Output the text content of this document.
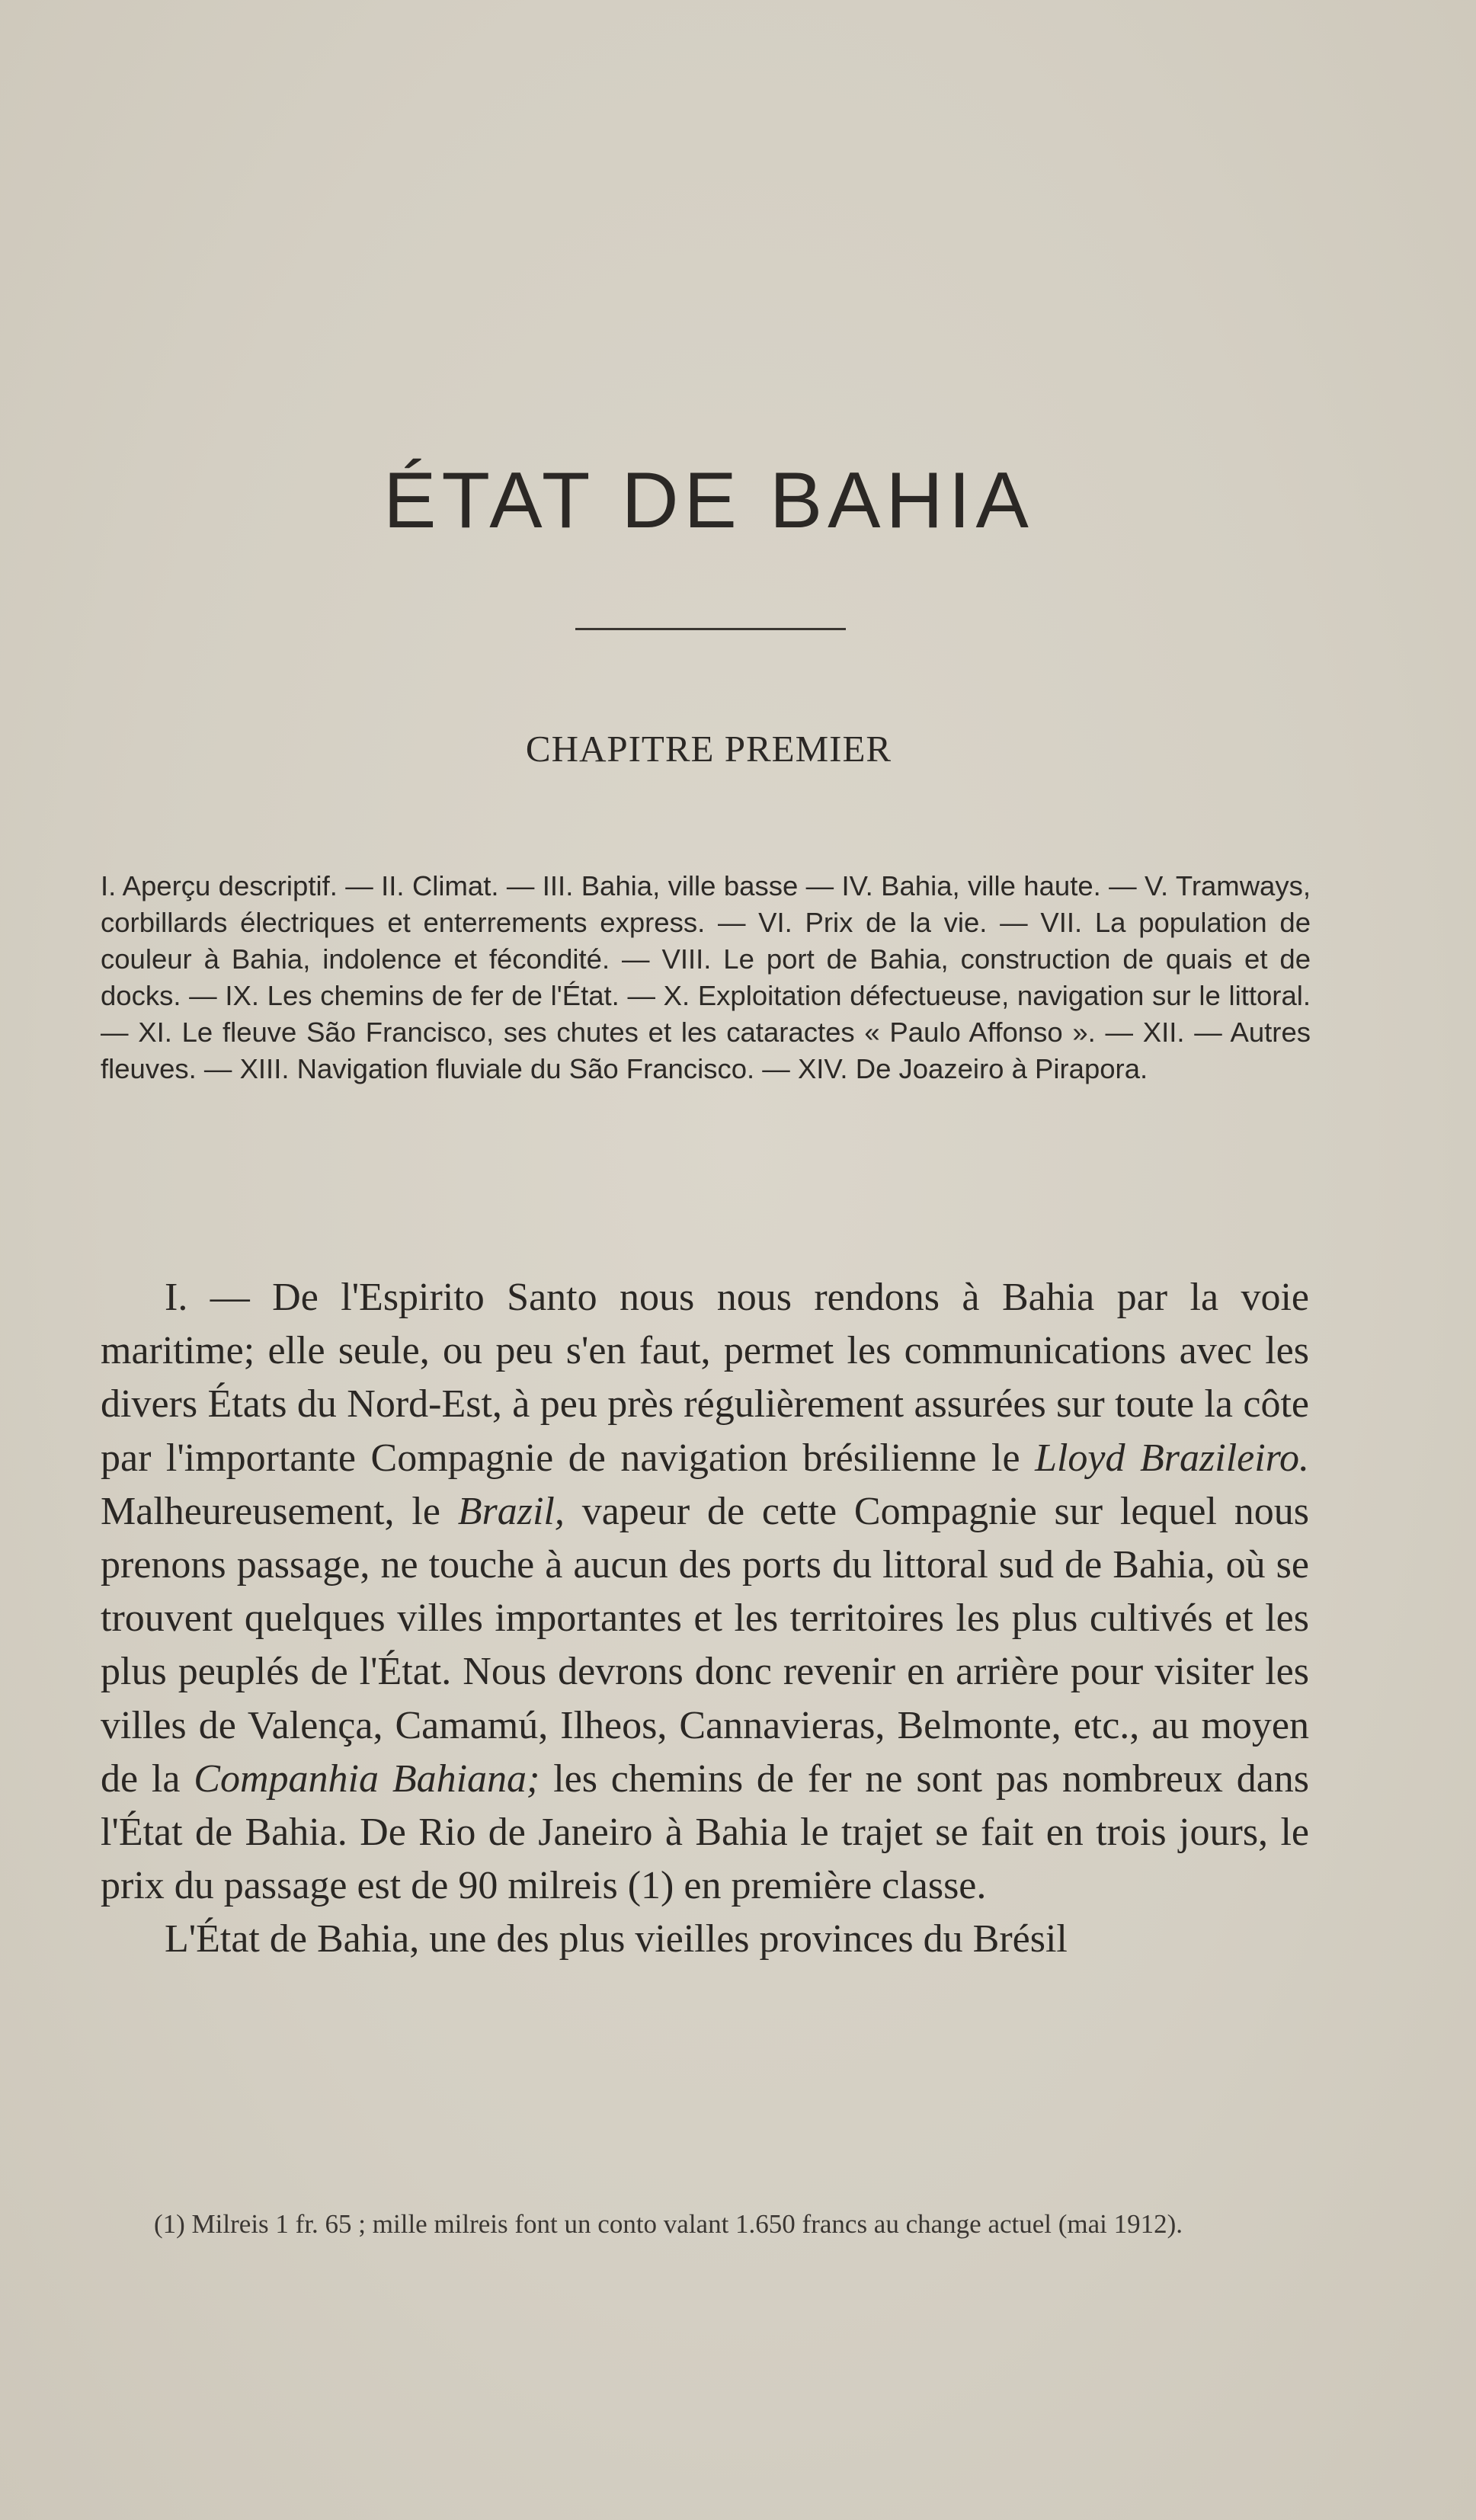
ÉTAT DE BAHIA
CHAPITRE PREMIER
I. Aperçu descriptif. — II. Climat. — III. Bahia, ville basse — IV. Bahia, ville haute. — V. Tramways, corbillards électriques et enterrements express. — VI. Prix de la vie. — VII. La population de couleur à Bahia, indolence et fécondité. — VIII. Le port de Bahia, construction de quais et de docks. — IX. Les chemins de fer de l'État. — X. Exploitation défectueuse, navigation sur le littoral. — XI. Le fleuve São Francisco, ses chutes et les cataractes « Paulo Affonso ». — XII. — Autres fleuves. — XIII. Navigation fluviale du São Francisco. — XIV. De Joazeiro à Pirapora.

I. — De l'Espirito Santo nous nous rendons à Bahia par la voie maritime; elle seule, ou peu s'en faut, permet les communications avec les divers États du Nord-Est, à peu près régulièrement assurées sur toute la côte par l'importante Compagnie de navigation brésilienne le Lloyd Brazileiro. Malheureusement, le Brazil, vapeur de cette Compagnie sur lequel nous prenons passage, ne touche à aucun des ports du littoral sud de Bahia, où se trouvent quelques villes importantes et les territoires les plus cultivés et les plus peuplés de l'État. Nous devrons donc revenir en arrière pour visiter les villes de Valença, Camamú, Ilheos, Cannavieras, Belmonte, etc., au moyen de la Companhia Bahiana; les chemins de fer ne sont pas nombreux dans l'État de Bahia. De Rio de Janeiro à Bahia le trajet se fait en trois jours, le prix du passage est de 90 milreis (1) en première classe.

L'État de Bahia, une des plus vieilles provinces du Brésil

(1) Milreis 1 fr. 65 ; mille milreis font un conto valant 1.650 francs au change actuel (mai 1912).
